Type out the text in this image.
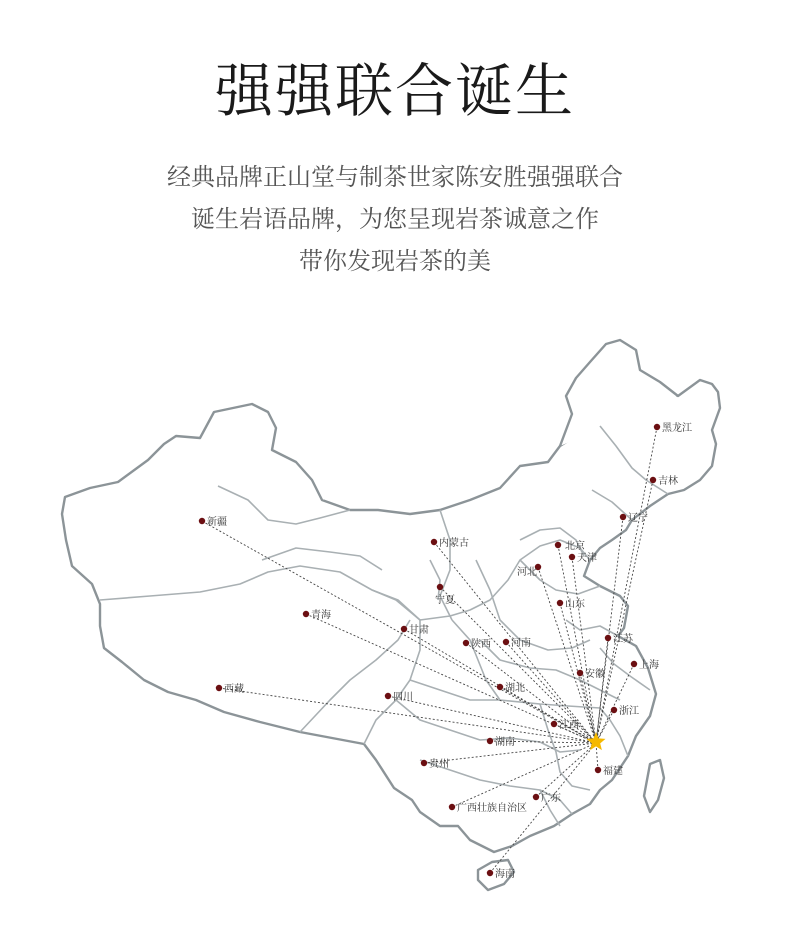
强强联合诞生
经典品牌正山堂与制茶世家陈安胜强强联合
诞生岩语品牌，为您呈现岩茶诚意之作
带你发现岩茶的美
黑龙江
吉林
辽宁
新疆
内蒙古	北京
天津
河北
宁夏	山东
青海
甘肃
陕西 河南	江苏
上海
安徽
西藏	湖北
四川
浙江
江西
湖南
贵州
福建
广东
广西壮族自治区
海南
